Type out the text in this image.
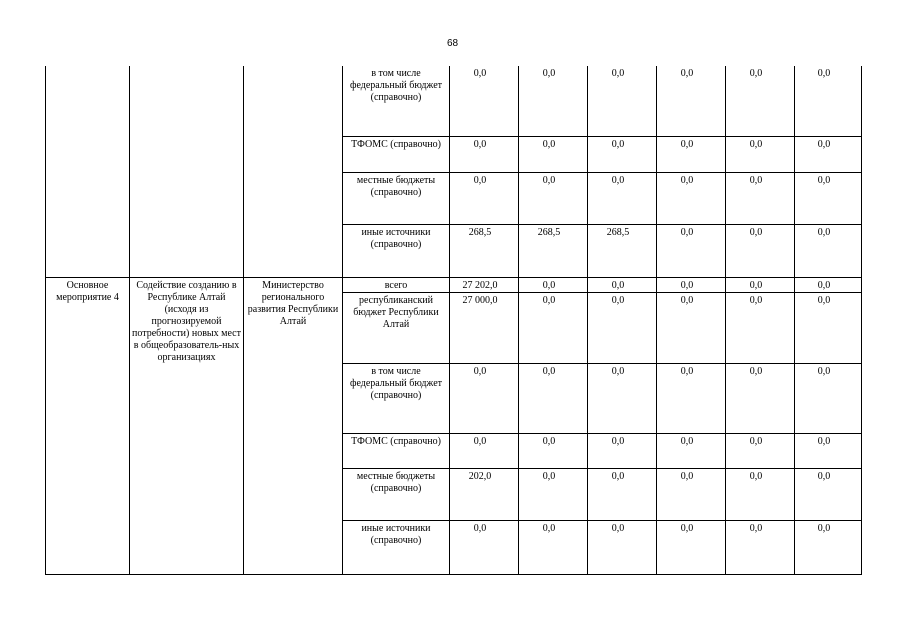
68
			в том числе федеральный бюджет (справочно)	0,0	0,0	0,0	0,0	0,0	0,0
			ТФОМС (справочно)	0,0	0,0	0,0	0,0	0,0	0,0
			местные бюджеты (справочно)	0,0	0,0	0,0	0,0	0,0	0,0
			иные источники (справочно)	268,5	268,5	268,5	0,0	0,0	0,0
Основное мероприятие 4	Содействие созданию в Республике Алтай (исходя из прогнозируемой потребности) новых мест в общеобразователь-ных организациях	Министерство регионального развития Республики Алтай	всего	27 202,0	0,0	0,0	0,0	0,0	0,0
			республиканский бюджет Республики Алтай	27 000,0	0,0	0,0	0,0	0,0	0,0
			в том числе федеральный бюджет (справочно)	0,0	0,0	0,0	0,0	0,0	0,0
			ТФОМС (справочно)	0,0	0,0	0,0	0,0	0,0	0,0
			местные бюджеты (справочно)	202,0	0,0	0,0	0,0	0,0	0,0
			иные источники (справочно)	0,0	0,0	0,0	0,0	0,0	0,0
